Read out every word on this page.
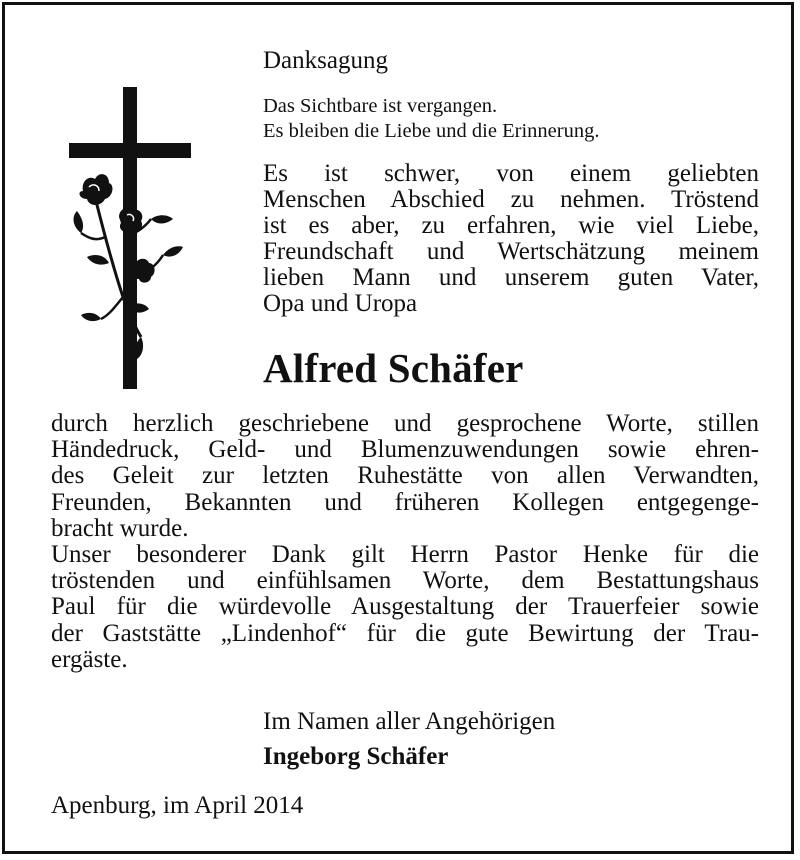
Danksagung
Das Sichtbare ist vergangen.
Es bleiben die Liebe und die Erinnerung.
Es ist schwer, von einem geliebten
Menschen Abschied zu nehmen. Tröstend
ist es aber, zu erfahren, wie viel Liebe,
Freundschaft und Wertschätzung meinem
lieben Mann und unserem guten Vater,
Opa und Uropa
Alfred Schäfer
durch herzlich geschriebene und gesprochene Worte, stillen
Händedruck, Geld- und Blumenzuwendungen sowie ehren-
des Geleit zur letzten Ruhestätte von allen Verwandten,
Freunden, Bekannten und früheren Kollegen entgegenge-
bracht wurde.
Unser besonderer Dank gilt Herrn Pastor Henke für die
tröstenden und einfühlsamen Worte, dem Bestattungshaus
Paul für die würdevolle Ausgestaltung der Trauerfeier sowie
der Gaststätte „Lindenhof“ für die gute Bewirtung der Trau-
ergäste.
Im Namen aller Angehörigen
Ingeborg Schäfer
Apenburg, im April 2014
